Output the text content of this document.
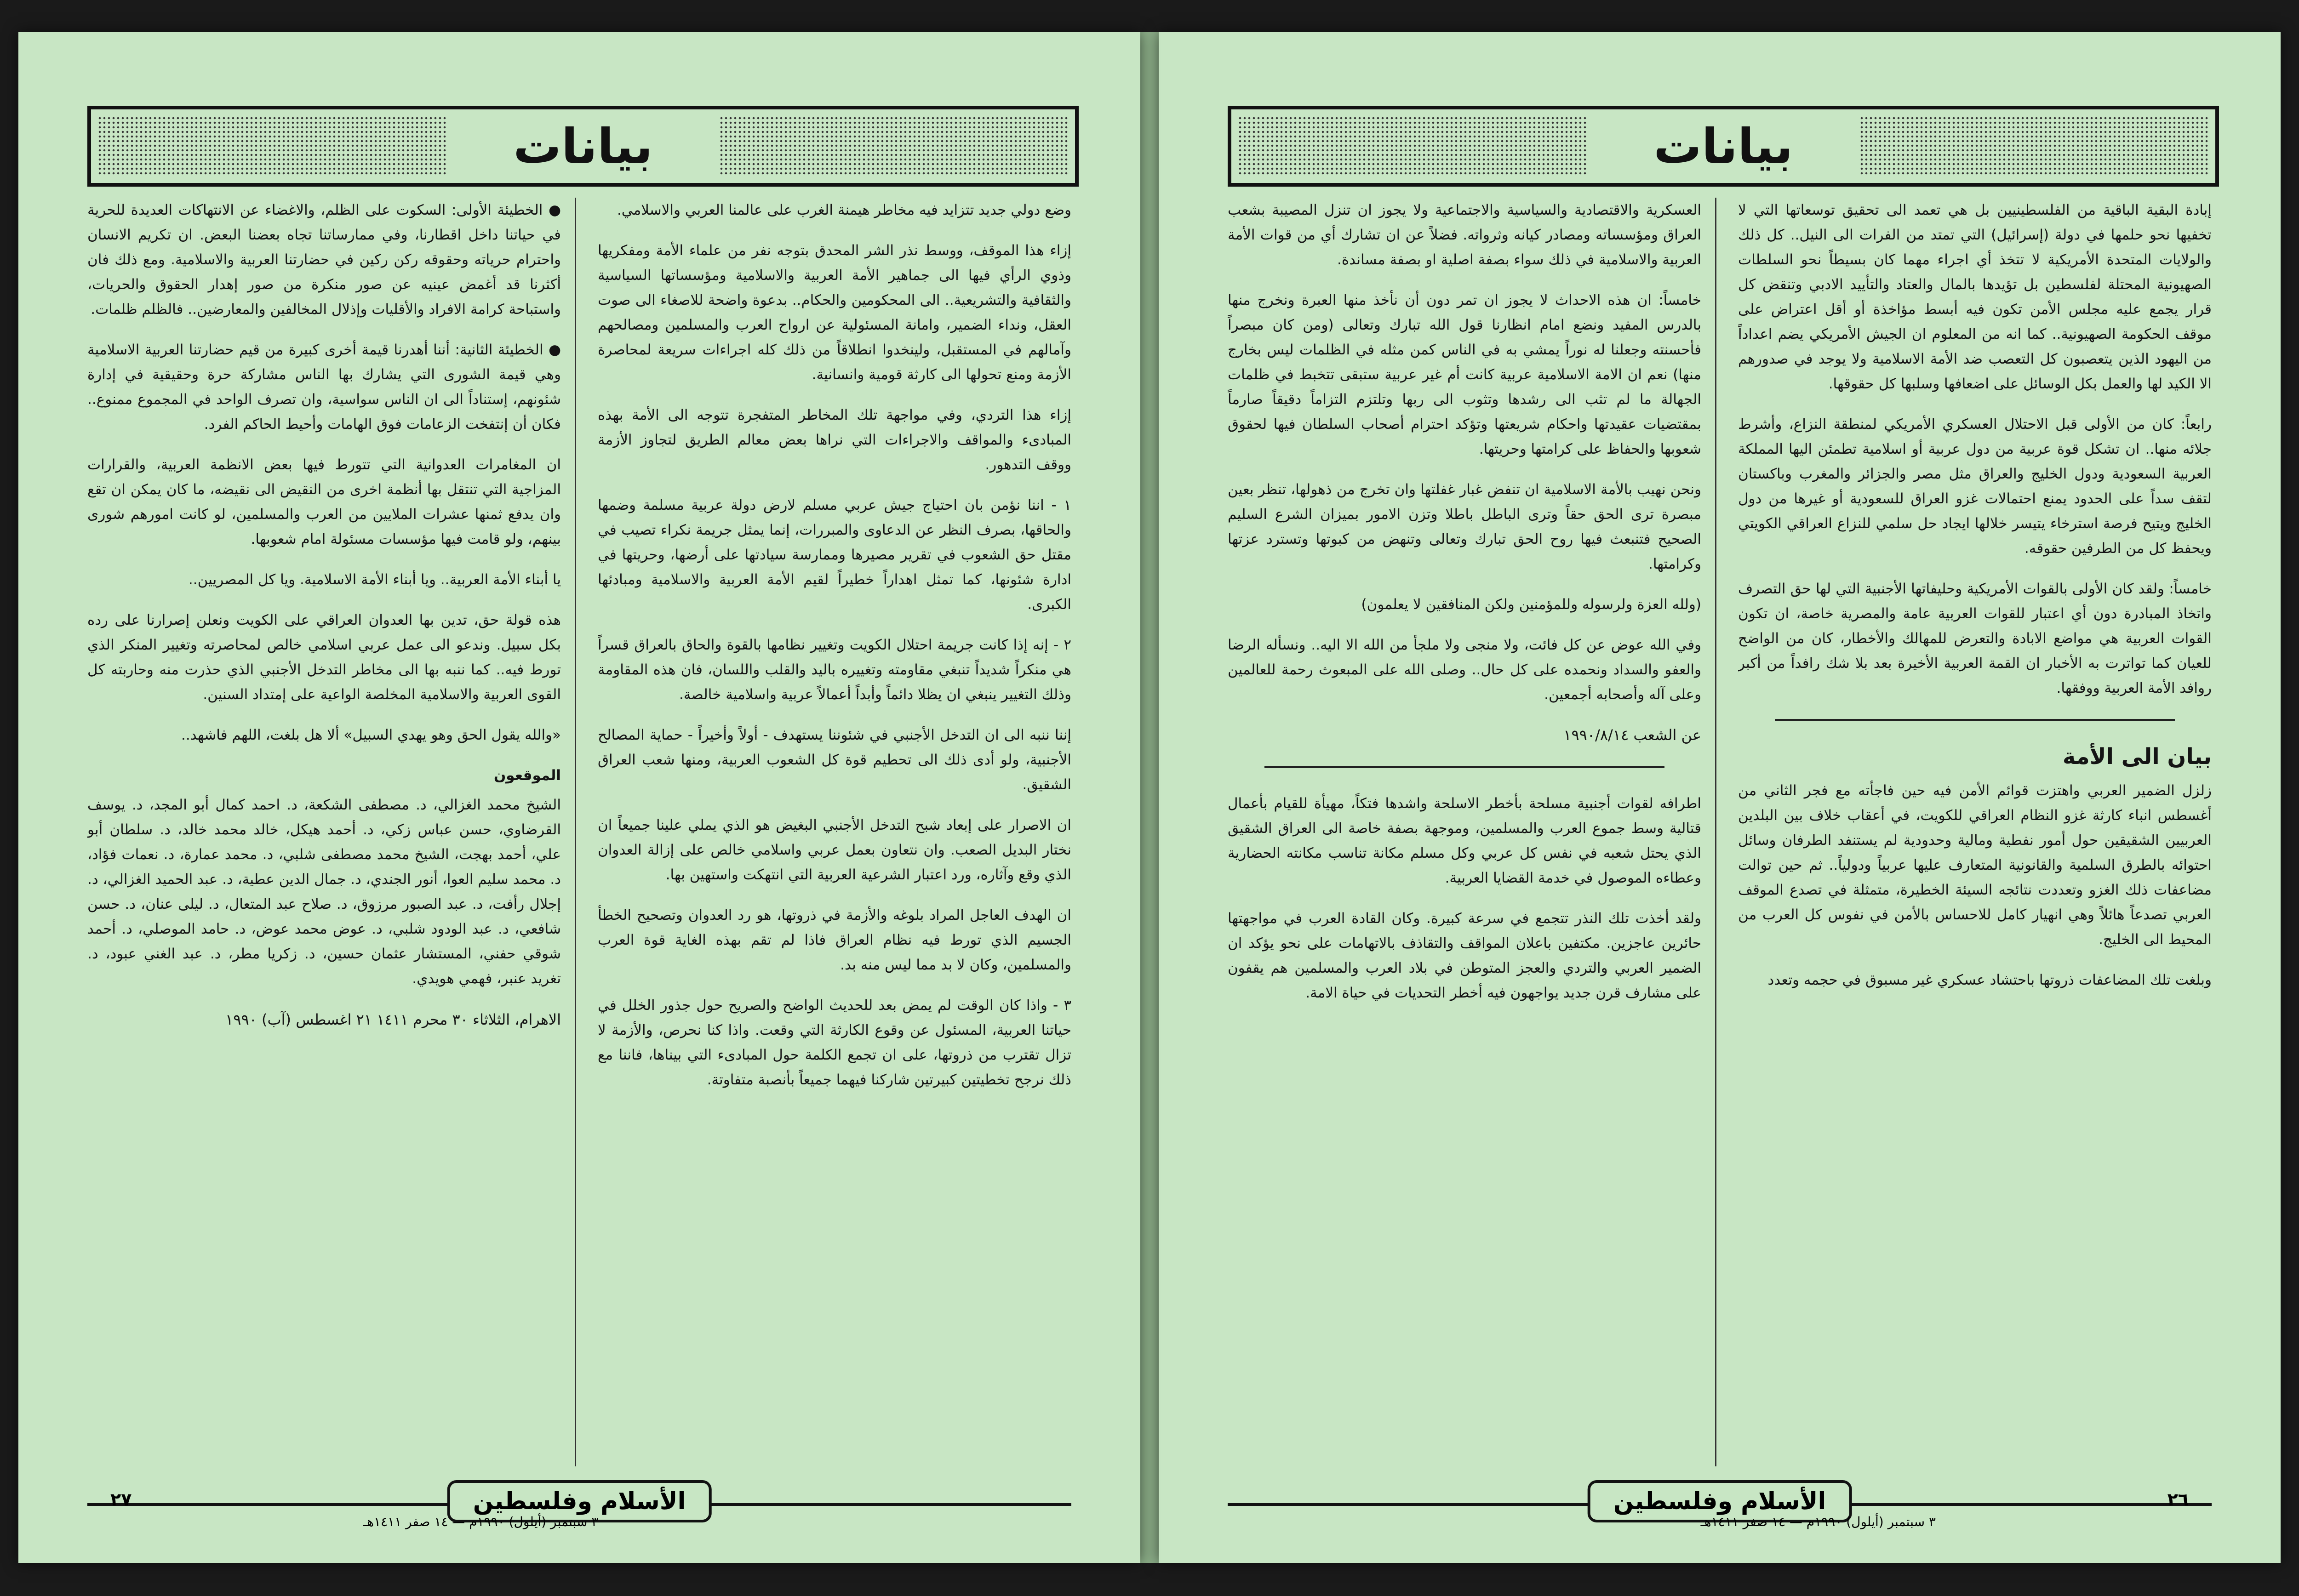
بيانات

إبادة البقية الباقية من الفلسطينيين بل هي تعمد الى تحقيق توسعاتها التي لا تخفيها نحو حلمها في دولة (إسرائيل) التي تمتد من الفرات الى النيل.. كل ذلك والولايات المتحدة الأمريكية لا تتخذ أي اجراء مهما كان بسيطاً نحو السلطات الصهيونية المحتلة لفلسطين بل تؤيدها بالمال والعتاد والتأييد الادبي وتنقض كل قرار يجمع عليه مجلس الأمن تكون فيه أبسط مؤاخذة أو أقل اعتراض على موقف الحكومة الصهيونية.. كما انه من المعلوم ان الجيش الأمريكي يضم اعداداً من اليهود الذين يتعصبون كل التعصب ضد الأمة الاسلامية ولا يوجد في صدورهم الا الكيد لها والعمل بكل الوسائل على اضعافها وسلبها كل حقوقها.

رابعاً: كان من الأولى قبل الاحتلال العسكري الأمريكي لمنطقة النزاع، وأشرط جلائه منها.. ان تشكل قوة عربية من دول عربية أو اسلامية تطمئن اليها المملكة العربية السعودية ودول الخليج والعراق مثل مصر والجزائر والمغرب وباكستان لتقف سداً على الحدود يمنع احتمالات غزو العراق للسعودية أو غيرها من دول الخليج ويتيح فرصة استرخاء يتيسر خلالها ايجاد حل سلمي للنزاع العراقي الكويتي ويحفظ كل من الطرفين حقوقه.

خامساً: ولقد كان الأولى بالقوات الأمريكية وحليفاتها الأجنبية التي لها حق التصرف واتخاذ المبادرة دون أي اعتبار للقوات العربية عامة والمصرية خاصة، ان تكون القوات العربية هي مواضع الابادة والتعرض للمهالك والأخطار، كان من الواضح للعيان كما تواترت به الأخبار ان القمة العربية الأخيرة بعد بلا شك رافداً من أكبر روافد الأمة العربية ووفقها.

بيان الى الأمة

زلزل الضمير العربي واهتزت قوائم الأمن فيه حين فاجأته مع فجر الثاني من أغسطس انباء كارثة غزو النظام العراقي للكويت، في أعقاب خلاف بين البلدين العربيين الشقيقين حول أمور نفطية ومالية وحدودية لم يستنفد الطرفان وسائل احتوائه بالطرق السلمية والقانونية المتعارف عليها عربياً ودولياً.. ثم حين توالت مضاعفات ذلك الغزو وتعددت نتائجه السيئة الخطيرة، متمثلة في تصدع الموقف العربي تصدعاً هائلاً وهي انهيار كامل للاحساس بالأمن في نفوس كل العرب من المحيط الى الخليج.

وبلغت تلك المضاعفات ذروتها باحتشاد عسكري غير مسبوق في حجمه وتعدد

العسكرية والاقتصادية والسياسية والاجتماعية ولا يجوز ان تنزل المصيبة بشعب العراق ومؤسساته ومصادر كيانه وثرواته. فضلاً عن ان تشارك أي من قوات الأمة العربية والاسلامية في ذلك سواء بصفة اصلية او بصفة مساندة.

خامساً: ان هذه الاحداث لا يجوز ان تمر دون أن نأخذ منها العبرة ونخرج منها بالدرس المفيد ونضع امام انظارنا قول الله تبارك وتعالى (ومن كان مبصراً فأحسنته وجعلنا له نوراً يمشي به في الناس كمن مثله في الظلمات ليس بخارج منها) نعم ان الامة الاسلامية عربية كانت أم غير عربية ستبقى تتخبط في ظلمات الجهالة ما لم تثب الى رشدها وتثوب الى ربها وتلتزم التزاماً دقيقاً صارماً بمقتضيات عقيدتها واحكام شريعتها وتؤكد احترام أصحاب السلطان فيها لحقوق شعوبها والحفاظ على كرامتها وحريتها.

ونحن نهيب بالأمة الاسلامية ان تنفض غبار غفلتها وان تخرج من ذهولها، تنظر بعين مبصرة ترى الحق حقاً وترى الباطل باطلا وتزن الامور بميزان الشرع السليم الصحيح فتنبعث فيها روح الحق تبارك وتعالى وتنهض من كبوتها وتسترد عزتها وكرامتها.

(ولله العزة ولرسوله وللمؤمنين ولكن المنافقين لا يعلمون)

وفي الله عوض عن كل فائت، ولا منجى ولا ملجأ من الله الا اليه.. ونسأله الرضا والعفو والسداد ونحمده على كل حال.. وصلى الله على المبعوث رحمة للعالمين وعلى آله وأصحابه أجمعين.

عن الشعب ١٩٩٠/٨/١٤

اطرافه لقوات أجنبية مسلحة بأخطر الاسلحة واشدها فتكاً، مهيأة للقيام بأعمال قتالية وسط جموع العرب والمسلمين، وموجهة بصفة خاصة الى العراق الشقيق الذي يحتل شعبه في نفس كل عربي وكل مسلم مكانة تناسب مكانته الحضارية وعطاءه الموصول في خدمة القضايا العربية.

ولقد أخذت تلك النذر تتجمع في سرعة كبيرة. وكان القادة العرب في مواجهتها حائرين عاجزين. مكتفين باعلان المواقف والتقاذف بالاتهامات على نحو يؤكد ان الضمير العربي والتردي والعجز المتوطن في بلاد العرب والمسلمين هم يقفون على مشارف قرن جديد يواجهون فيه أخطر التحديات في حياة الامة.

الأسلام وفلسطين
٣ سبتمبر (أيلول) ١٩٩٠م — ١٤ صفر ١٤١١هـ
٢٦
بيانات

وضع دولي جديد تتزايد فيه مخاطر هيمنة الغرب على عالمنا العربي والاسلامي.

إزاء هذا الموقف، ووسط نذر الشر المحدق بتوجه نفر من علماء الأمة ومفكريها وذوي الرأي فيها الى جماهير الأمة العربية والاسلامية ومؤسساتها السياسية والثقافية والتشريعية.. الى المحكومين والحكام.. بدعوة واضحة للاصغاء الى صوت العقل، ونداء الضمير، وامانة المسئولية عن ارواح العرب والمسلمين ومصالحهم وآمالهم في المستقبل، ولينخدوا انطلاقاً من ذلك كله اجراءات سريعة لمحاصرة الأزمة ومنع تحولها الى كارثة قومية وانسانية.

إزاء هذا التردي، وفي مواجهة تلك المخاطر المتفجرة تتوجه الى الأمة بهذه المبادىء والمواقف والاجراءات التي نراها بعض معالم الطريق لتجاوز الأزمة ووقف التدهور.

١ - اننا نؤمن بان احتياج جيش عربي مسلم لارض دولة عربية مسلمة وضمها والحاقها، بصرف النظر عن الدعاوى والمبررات، إنما يمثل جريمة نكراء تصيب في مقتل حق الشعوب في تقرير مصيرها وممارسة سيادتها على أرضها، وحريتها في ادارة شئونها، كما تمثل اهداراً خطيراً لقيم الأمة العربية والاسلامية ومبادئها الكبرى.

٢ - إنه إذا كانت جريمة احتلال الكويت وتغيير نظامها بالقوة والحاق بالعراق قسراً هي منكراً شديداً تنبغي مقاومته وتغييره باليد والقلب واللسان، فان هذه المقاومة وذلك التغيير ينبغي ان يظلا دائماً وأبداً أعمالاً عربية واسلامية خالصة.

إننا ننبه الى ان التدخل الأجنبي في شئوننا يستهدف - أولاً وأخيراً - حماية المصالح الأجنبية، ولو أدى ذلك الى تحطيم قوة كل الشعوب العربية، ومنها شعب العراق الشقيق.

ان الاصرار على إبعاد شبح التدخل الأجنبي البغيض هو الذي يملي علينا جميعاً ان نختار البديل الصعب. وان نتعاون بعمل عربي واسلامي خالص على إزالة العدوان الذي وقع وآثاره، ورد اعتبار الشرعية العربية التي انتهكت واستهين بها.

ان الهدف العاجل المراد بلوغه والأزمة في ذروتها، هو رد العدوان وتصحيح الخطأ الجسيم الذي تورط فيه نظام العراق فاذا لم تقم بهذه الغاية قوة العرب والمسلمين، وكان لا بد مما ليس منه بد.

٣ - واذا كان الوقت لم يمض بعد للحديث الواضح والصريح حول جذور الخلل في حياتنا العربية، المسئول عن وقوع الكارثة التي وقعت. واذا كنا نحرص، والأزمة لا تزال تقترب من ذروتها، على ان تجمع الكلمة حول المبادىء التي بيناها، فاننا مع ذلك نرجح تخطيتين كبيرتين شاركنا فيهما جميعاً بأنصبة متفاوتة.

● الخطيئة الأولى: السكوت على الظلم، والاغضاء عن الانتهاكات العديدة للحرية في حياتنا داخل اقطارنا، وفي ممارساتنا تجاه بعضنا البعض. ان تكريم الانسان واحترام حرياته وحقوقه ركن ركين في حضارتنا العربية والاسلامية. ومع ذلك فان أكثرنا قد أغمض عينيه عن صور منكرة من صور إهدار الحقوق والحريات، واستباحة كرامة الافراد والأقليات وإذلال المخالفين والمعارضين.. فالظلم ظلمات.

● الخطيئة الثانية: أننا أهدرنا قيمة أخرى كبيرة من قيم حضارتنا العربية الاسلامية وهي قيمة الشورى التي يشارك بها الناس مشاركة حرة وحقيقية في إدارة شئونهم، إستناداً الى ان الناس سواسية، وان تصرف الواحد في المجموع ممنوع.. فكان أن إنتفخت الزعامات فوق الهامات وأحيط الحاكم الفرد.

ان المغامرات العدوانية التي تتورط فيها بعض الانظمة العربية، والقرارات المزاجية التي تنتقل بها أنظمة اخرى من النقيض الى نقيضه، ما كان يمكن ان تقع وان يدفع ثمنها عشرات الملايين من العرب والمسلمين، لو كانت امورهم شورى بينهم، ولو قامت فيها مؤسسات مسئولة امام شعوبها.

يا أبناء الأمة العربية.. ويا أبناء الأمة الاسلامية. ويا كل المصريين..

هذه قولة حق، تدين بها العدوان العراقي على الكويت ونعلن إصرارنا على رده بكل سبيل. وندعو الى عمل عربي اسلامي خالص لمحاصرته وتغيير المنكر الذي تورط فيه.. كما ننبه بها الى مخاطر التدخل الأجنبي الذي حذرت منه وحاربته كل القوى العربية والاسلامية المخلصة الواعية على إمتداد السنين.

«والله يقول الحق وهو يهدي السبيل» ألا هل بلغت، اللهم فاشهد..

الموقعون

الشيخ محمد الغزالي، د. مصطفى الشكعة، د. احمد كمال أبو المجد، د. يوسف القرضاوي، حسن عباس زكي، د. أحمد هيكل، خالد محمد خالد، د. سلطان أبو علي، أحمد بهجت، الشيخ محمد مصطفى شلبي، د. محمد عمارة، د. نعمات فؤاد، د. محمد سليم العوا، أنور الجندي، د. جمال الدين عطية، د. عبد الحميد الغزالي، د. إجلال رأفت، د. عبد الصبور مرزوق، د. صلاح عبد المتعال، د. ليلى عنان، د. حسن شافعي، د. عبد الودود شلبي، د. عوض محمد عوض، د. حامد الموصلي، د. أحمد شوقي حفني، المستشار عثمان حسين، د. زكريا مطر، د. عبد الغني عبود، د. تغريد عنبر، فهمي هويدي.

الاهرام، الثلاثاء ٣٠ محرم ١٤١١ ٢١ اغسطس (آب) ١٩٩٠
الأسلام وفلسطين
٣ سبتمبر (أيلول) ١٩٩٠م — ١٤ صفر ١٤١١هـ
٢٧
